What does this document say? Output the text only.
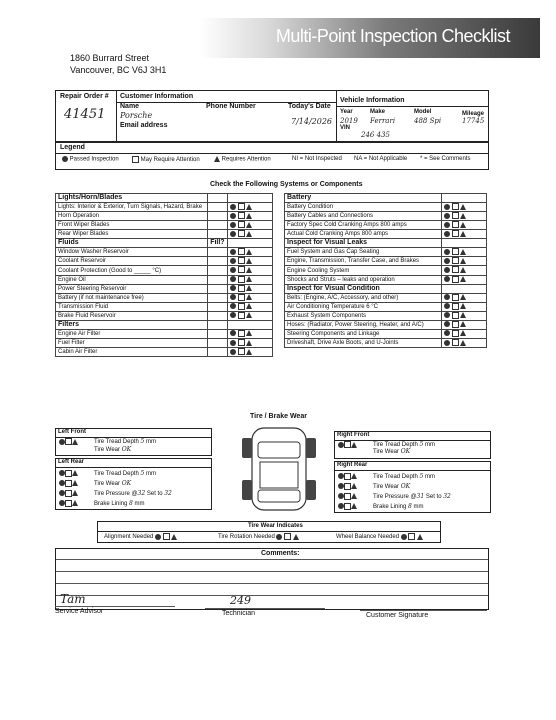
Multi-Point Inspection Checklist
1860 Burrard Street
Vancouver, BC V6J 3H1
Repair Order #
41451
Customer Information
Name
Porsche
Email address
Phone Number	Today's Date
7/14/2026
Vehicle Information
Year	Make	Model	Mileage
2019 Ferrari	488 Spi	17745
VIN
246 435
Legend
Passed Inspection	May Require Attention	Requires Attention	NI = Not Inspected NA = Not Applicable * = See Comments
Check the Following Systems or Components
Lights/Horn/Blades		
Lights: Interior & Exterior, Turn Signals, Hazard, Brake		
Horn Operation		
Front Wiper Blades		
Rear Wiper Blades		
Fluids	Fill?	
Window Washer Reservoir		
Coolant Reservoir		
Coolant Protection (Good to _____ °C)		
Engine Oil		
Power Steering Reservoir		
Battery (if not maintenance free)		
Transmission Fluid		
Brake Fluid Reservoir		
Filters		
Engine Air Filter		
Fuel Filter		
Cabin Air Filter		
Battery	
Battery Condition	
Battery Cables and Connections	
Factory Spec Cold Cranking Amps 800 amps	
Actual Cold Cranking Amps 800 amps	
Inspect for Visual Leaks	
Fuel System and Gas Cap Seating	
Engine, Transmission, Transfer Case, and Brakes	
Engine Cooling System	
Shocks and Struts – leaks and operation	
Inspect for Visual Condition	
Belts: (Engine, A/C, Accessory, and other)	
Air Conditioning Temperature 6 °C	
Exhaust System Components	
Hoses: (Radiator, Power Steering, Heater, and A/C)	
Steering Components and Linkage	
Driveshaft, Drive Axle Boots, and U-Joints	
Tire / Brake Wear
Tire Wear Indicates
Alignment Needed	Tire Rotation Needed	Wheel Balance Needed
Comments:
Tam
Service Advisor
249
Technician	Customer Signature
Left Front
Tire Tread Depth 5 mm
Tire Wear OK
Right Front
Tire Tread Depth 5 mm
Tire Wear OK
Left Rear
Tire Tread Depth 5 mm
Tire Wear OK
Tire Pressure @32 Set to 32
Brake Lining 8 mm
Right Rear
Tire Tread Depth 5 mm
Tire Wear OK
Tire Pressure @31 Set to 32
Brake Lining 8 mm
